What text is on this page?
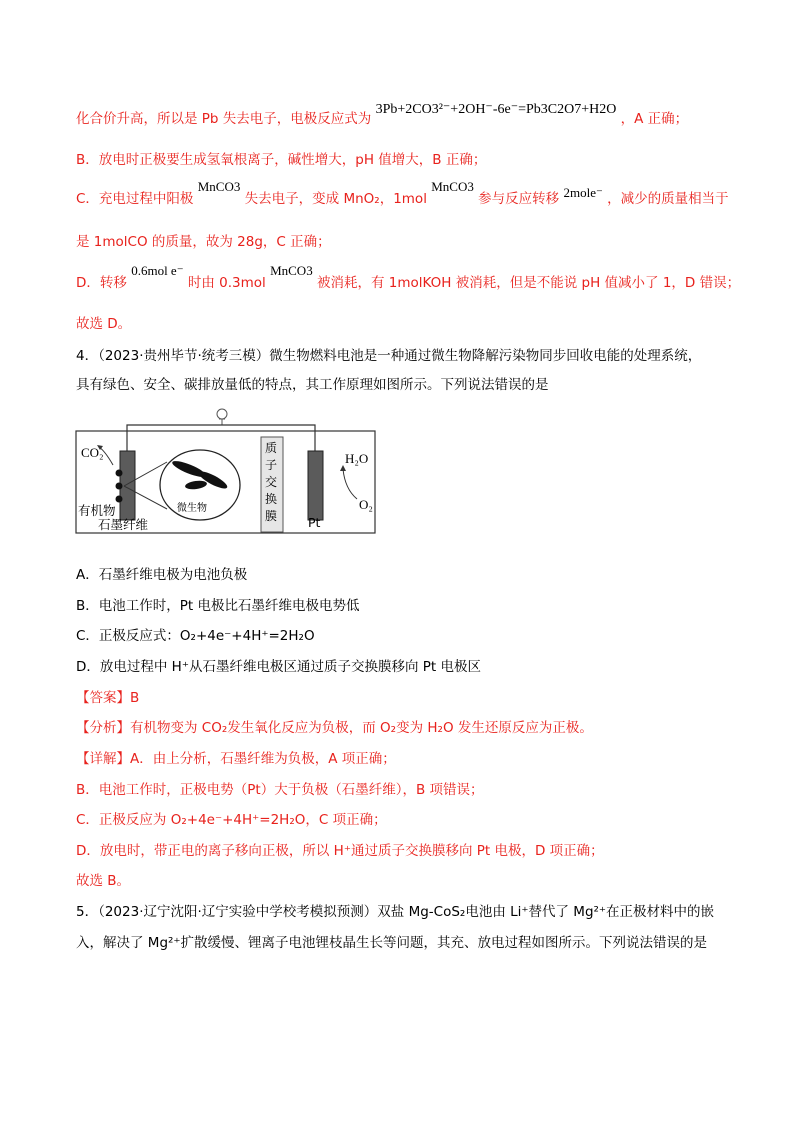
化合价升高，所以是 Pb 失去电子，电极反应式为 3Pb+2CO3²⁻+2OH⁻-6e⁻=Pb3C2O7+H2O ，A 正确；
B．放电时正极要生成氢氧根离子，碱性增大，pH 值增大，B 正确；
C．充电过程中阳极 MnCO3 失去电子，变成 MnO₂，1mol MnCO3 参与反应转移 2mole⁻ ，减少的质量相当于
是 1molCO 的质量，故为 28g，C 正确；
D．转移 0.6mol e⁻ 时由 0.3mol MnCO3 被消耗，有 1molKOH 被消耗，但是不能说 pH 值减小了 1，D 错误；
故选 D。
4．（2023·贵州毕节·统考三模）微生物燃料电池是一种通过微生物降解污染物同步回收电能的处理系统，
具有绿色、安全、碳排放量低的特点，其工作原理如图所示。下列说法错误的是
CO₂	H₂O
O₂
有机物
石墨纤维
微生物
质
子
交
换
膜 Pt
A．石墨纤维电极为电池负极
B．电池工作时，Pt 电极比石墨纤维电极电势低
C．正极反应式：O₂+4e⁻+4H⁺=2H₂O
D．放电过程中 H⁺从石墨纤维电极区通过质子交换膜移向 Pt 电极区
【答案】B
【分析】有机物变为 CO₂发生氧化反应为负极，而 O₂变为 H₂O 发生还原反应为正极。
【详解】A．由上分析，石墨纤维为负极，A 项正确；
B．电池工作时，正极电势（Pt）大于负极（石墨纤维），B 项错误；
C．正极反应为 O₂+4e⁻+4H⁺=2H₂O，C 项正确；
D．放电时，带正电的离子移向正极，所以 H⁺通过质子交换膜移向 Pt 电极，D 项正确；
故选 B。
5．（2023·辽宁沈阳·辽宁实验中学校考模拟预测）双盐 Mg-CoS₂电池由 Li⁺替代了 Mg²⁺在正极材料中的嵌
入，解决了 Mg²⁺扩散缓慢、锂离子电池锂枝晶生长等问题，其充、放电过程如图所示。下列说法错误的是
